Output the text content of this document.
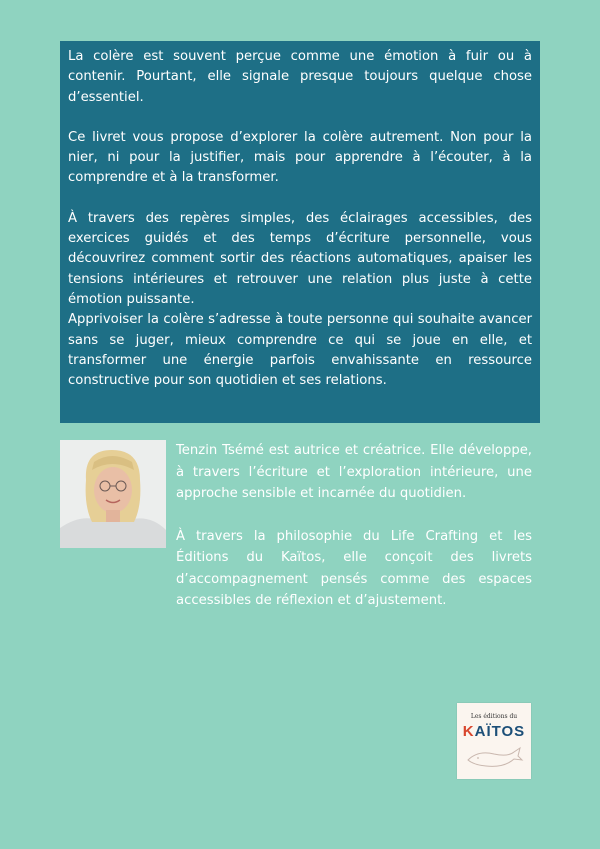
La colère est souvent perçue comme une émotion à fuir ou à contenir. Pourtant, elle signale presque toujours quelque chose d’essentiel.

Ce livret vous propose d’explorer la colère autrement. Non pour la nier, ni pour la justifier, mais pour apprendre à l’écouter, à la comprendre et à la transformer.

À travers des repères simples, des éclairages accessibles, des exercices guidés et des temps d’écriture personnelle, vous découvrirez comment sortir des réactions automatiques, apaiser les tensions intérieures et retrouver une relation plus juste à cette émotion puissante.

Apprivoiser la colère s’adresse à toute personne qui souhaite avancer sans se juger, mieux comprendre ce qui se joue en elle, et transformer une énergie parfois envahissante en ressource constructive pour son quotidien et ses relations.

Tenzin Tsémé est autrice et créatrice. Elle développe, à travers l’écriture et l’exploration intérieure, une approche sensible et incarnée du quotidien.

À travers la philosophie du Life Crafting et les Éditions du Kaïtos, elle conçoit des livrets d’accompagnement pensés comme des espaces accessibles de réflexion et d’ajustement.

Les éditions du
KAÏTOS
